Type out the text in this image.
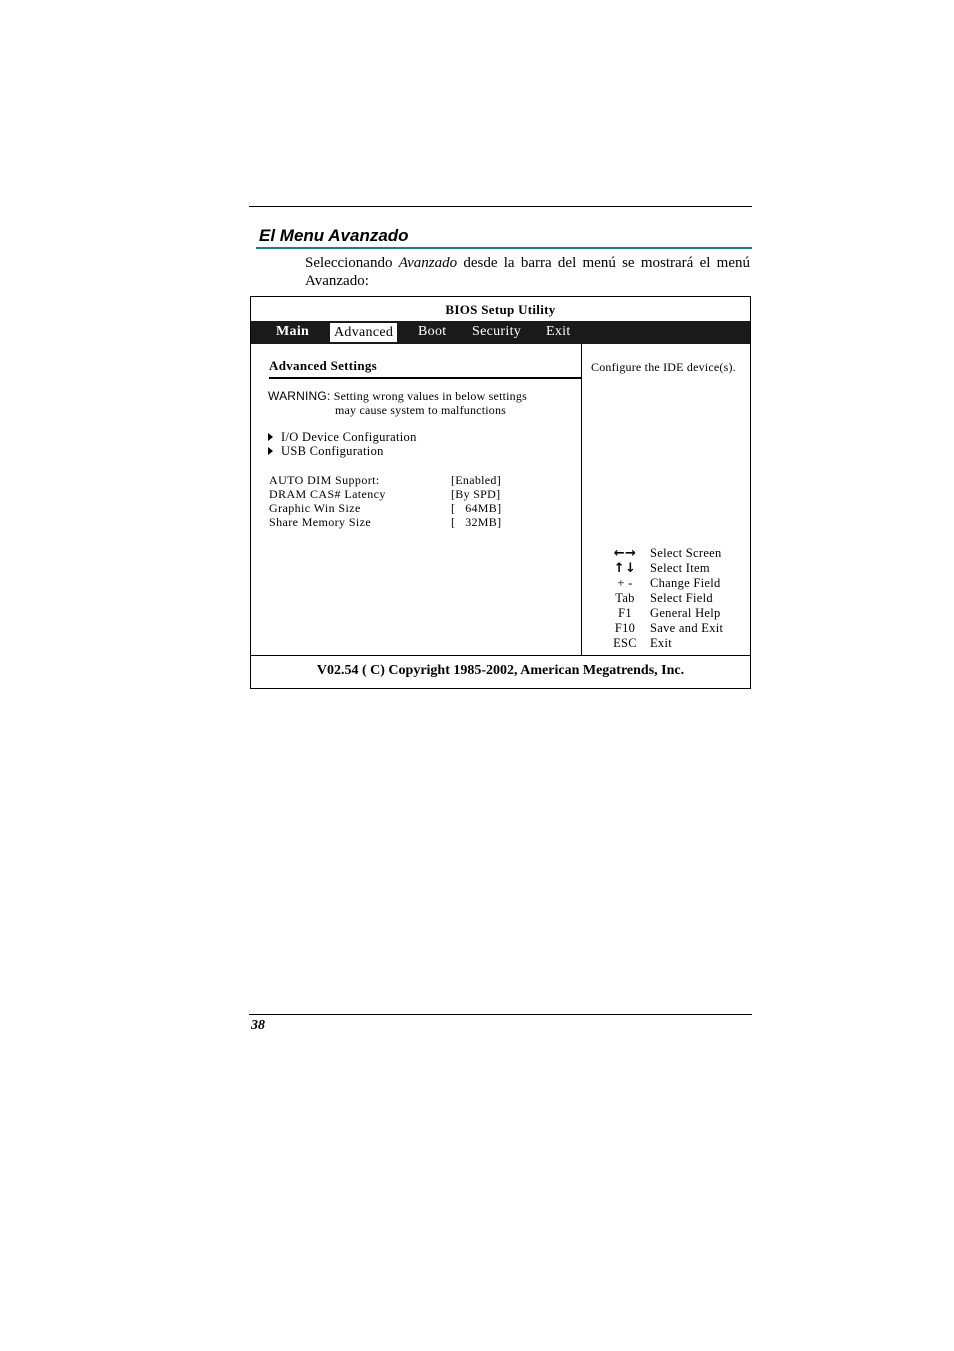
El Menu Avanzado
Seleccionando Avanzado desde la barra del menú se mostrará el menú Avanzado:
BIOS Setup Utility
Main	Advanced	Boot Security Exit
Advanced Settings
WARNING: Setting wrong values in below settings
may cause system to malfunctions
I/O Device Configuration
USB Configuration
AUTO DIM Support:	[Enabled]
DRAM CAS# Latency	[By SPD]
Graphic Win Size	[   64MB]
Share Memory Size	[   32MB]
Configure the IDE device(s).
←→	Select Screen
↑↓	Select Item
+ -	Change Field
Tab	Select Field
F1	General Help
F10	Save and Exit
ESC	Exit
V02.54 ( C) Copyright 1985-2002, American Megatrends, Inc.
38
